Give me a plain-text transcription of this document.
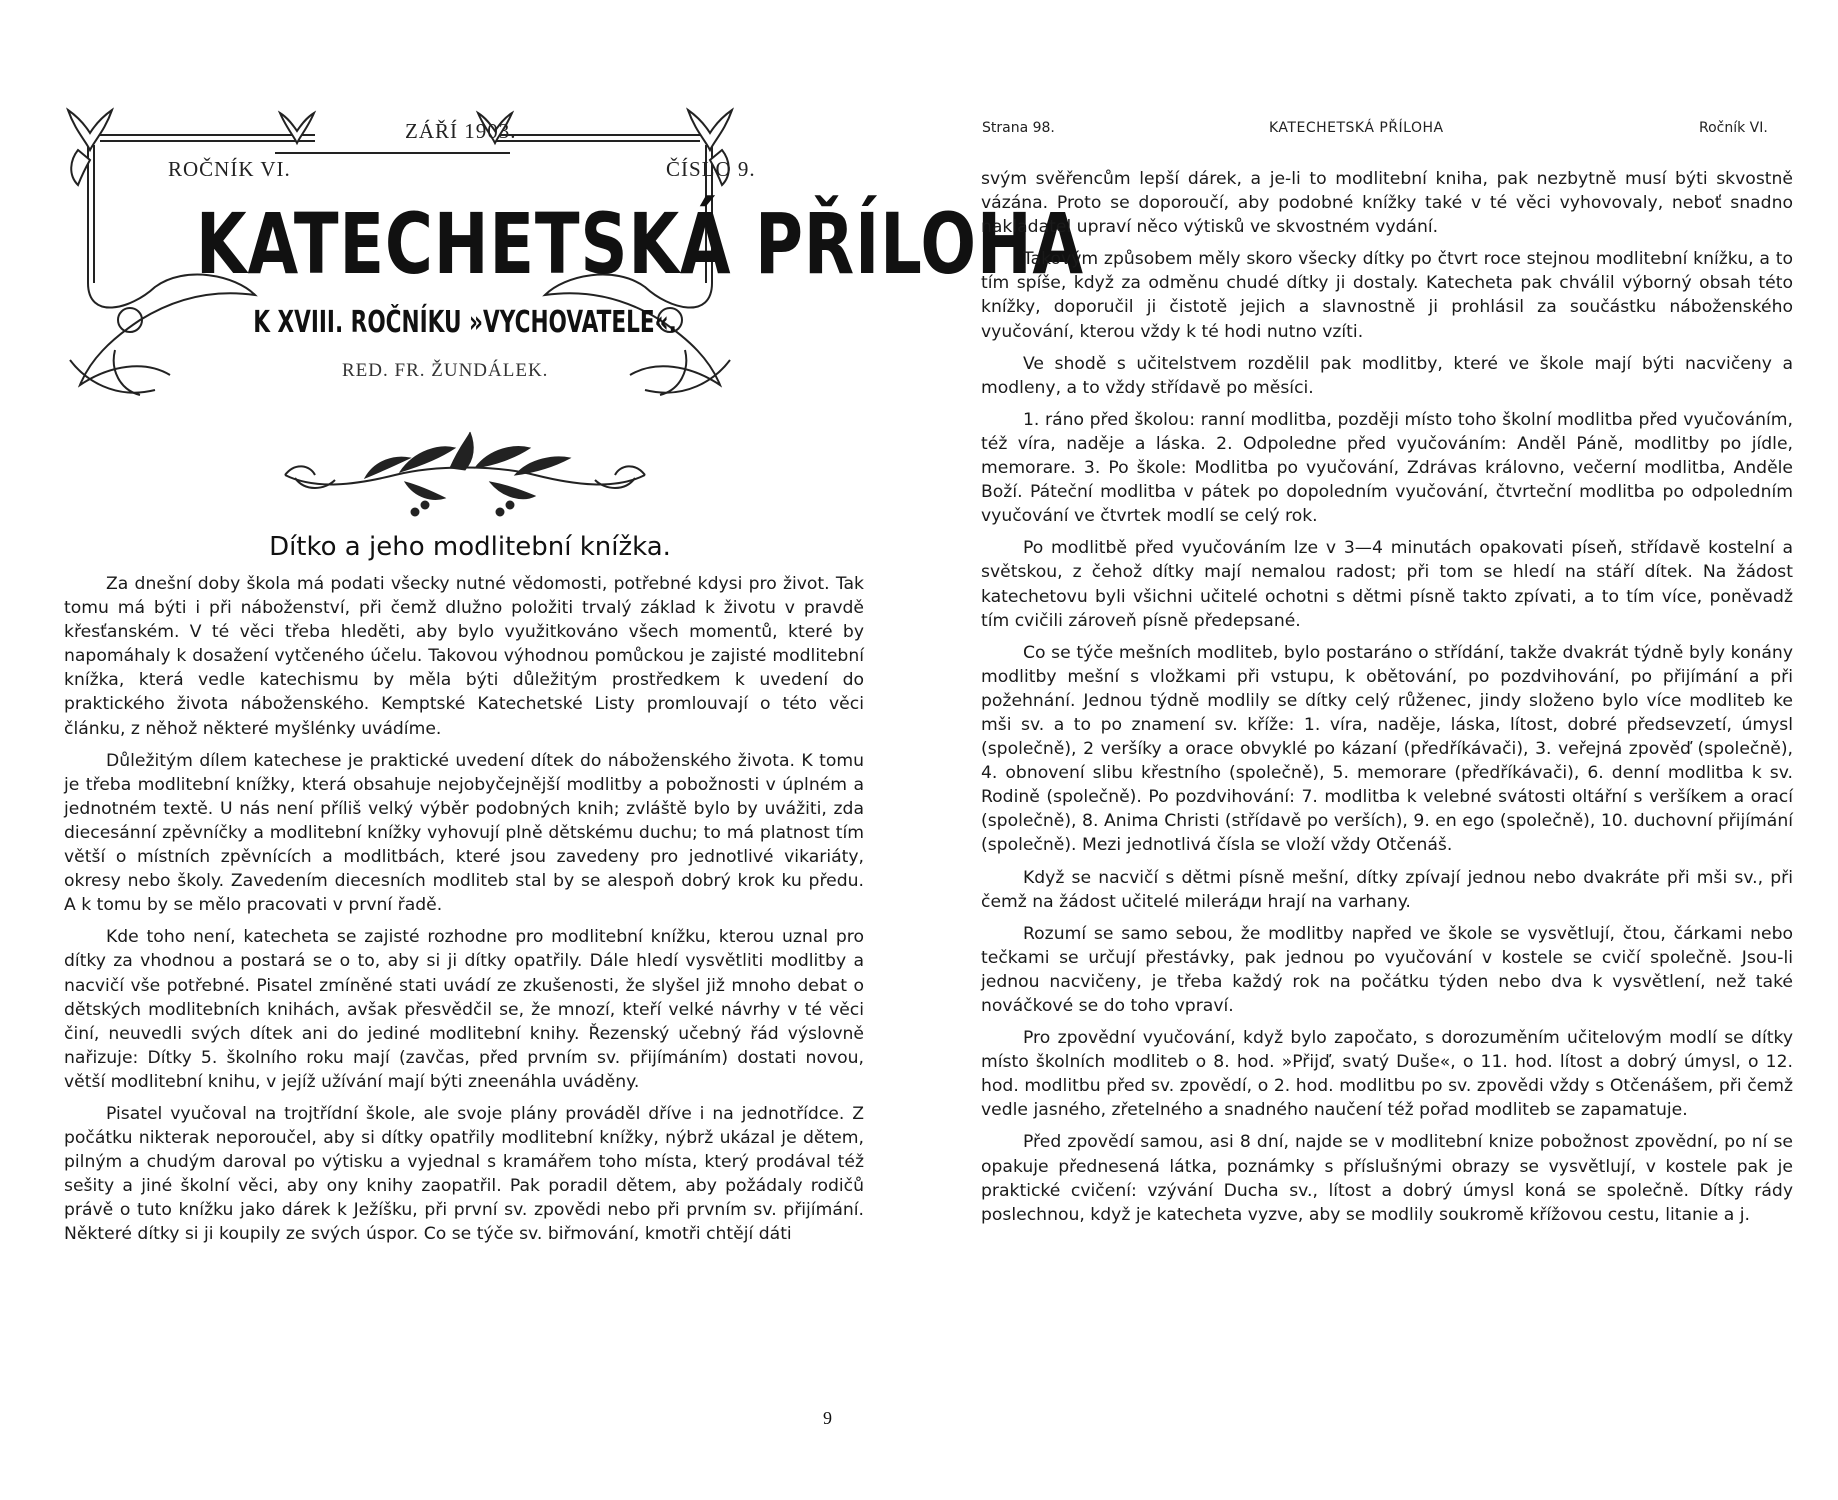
ZÁŘÍ 1903.
ROČNÍK VI.	ČÍSLO 9.
KATECHETSKÁ PŘÍLOHA
K XVIII. ROČNÍKU »VYCHOVATELE«.
RED. FR. ŽUNDÁLEK.
Dítko a jeho modlitební knížka.

Za dnešní doby škola má podati všecky nutné vědomosti, potřebné kdysi pro život. Tak tomu má býti i při náboženství, při čemž dlužno položiti trvalý základ k životu v pravdě křesťanském. V té věci třeba hleděti, aby bylo využitkováno všech momentů, které by napomáhaly k dosažení vytčeného účelu. Takovou výhodnou pomůckou je zajisté modlitební knížka, která vedle katechismu by měla býti důležitým prostředkem k uvedení do praktického života náboženského. Kemptské Katechetské Listy promlouvají o této věci článku, z něhož některé myšlénky uvádíme.

Důležitým dílem katechese je praktické uvedení dítek do náboženského života. K tomu je třeba modlitební knížky, která obsahuje nejobyčejnější modlitby a pobožnosti v úplném a jednotném textě. U nás není příliš velký výběr podobných knih; zvláště bylo by uvážiti, zda diecesánní zpěvníčky a modlitební knížky vyhovují plně dětskému duchu; to má platnost tím větší o místních zpěvnících a modlitbách, které jsou zavedeny pro jednotlivé vikariáty, okresy nebo školy. Zavedením diecesních modliteb stal by se alespoň dobrý krok ku předu. A k tomu by se mělo pracovati v první řadě.

Kde toho není, katecheta se zajisté rozhodne pro modlitební knížku, kterou uznal pro dítky za vhodnou a postará se o to, aby si ji dítky opatřily. Dále hledí vysvětliti modlitby a nacvičí vše potřebné. Pisatel zmíněné stati uvádí ze zkušenosti, že slyšel již mnoho debat o dětských modlitebních knihách, avšak přesvědčil se, že mnozí, kteří velké návrhy v té věci činí, neuvedli svých dítek ani do jediné modlitební knihy. Řezenský učebný řád výslovně nařizuje: Dítky 5. školního roku mají (zavčas, před prvním sv. přijímáním) dostati novou, větší modlitební knihu, v jejíž užívání mají býti zneenáhla uváděny.

Pisatel vyučoval na trojtřídní škole, ale svoje plány prováděl dříve i na jednotřídce. Z počátku nikterak neporoučel, aby si dítky opatřily modlitební knížky, nýbrž ukázal je dětem, pilným a chudým daroval po výtisku a vyjednal s kramářem toho místa, který prodával též sešity a jiné školní věci, aby ony knihy zaopatřil. Pak poradil dětem, aby požádaly rodičů právě o tuto knížku jako dárek k Ježíšku, při první sv. zpovědi nebo při prvním sv. přijímání. Některé dítky si ji koupily ze svých úspor. Co se týče sv. biřmování, kmotři chtějí dáti

9
Strana 98.	KATECHETSKÁ PŘÍLOHA	Ročník VI.

svým svěřencům lepší dárek, a je-li to modlitební kniha, pak nezbytně musí býti skvostně vázána. Proto se doporoučí, aby podobné knížky také v té věci vyhovovaly, neboť snadno nakladatel upraví něco výtisků ve skvostném vydání.

Takovým způsobem měly skoro všecky dítky po čtvrt roce stejnou modlitební knížku, a to tím spíše, když za odměnu chudé dítky ji dostaly. Katecheta pak chválil výborný obsah této knížky, doporučil ji čistotě jejich a slavnostně ji prohlásil za součástku náboženského vyučování, kterou vždy k té hodi nutno vzíti.

Ve shodě s učitelstvem rozdělil pak modlitby, které ve škole mají býti nacvičeny a modleny, a to vždy střídavě po měsíci.

1. ráno před školou: ranní modlitba, později místo toho školní modlitba před vyučováním, též víra, naděje a láska. 2. Odpoledne před vyučováním: Anděl Páně, modlitby po jídle, memorare. 3. Po škole: Modlitba po vyučování, Zdrávas královno, večerní modlitba, Anděle Boží. Páteční modlitba v pátek po dopoledním vyučování, čtvrteční modlitba po odpoledním vyučování ve čtvrtek modlí se celý rok.

Po modlitbě před vyučováním lze v 3—4 minutách opakovati píseň, střídavě kostelní a světskou, z čehož dítky mají nemalou radost; při tom se hledí na stáří dítek. Na žádost katechetovu byli všichni učitelé ochotni s dětmi písně takto zpívati, a to tím více, poněvadž tím cvičili zároveň písně předepsané.

Co se týče mešních modliteb, bylo postaráno o střídání, takže dvakrát týdně byly konány modlitby mešní s vložkami při vstupu, k obětování, po pozdvihování, po přijímání a při požehnání. Jednou týdně modlily se dítky celý růženec, jindy složeno bylo více modliteb ke mši sv. a to po znamení sv. kříže: 1. víra, naděje, láska, lítost, dobré předsevzetí, úmysl (společně), 2 veršíky a orace obvyklé po kázaní (předříkávači), 3. veřejná zpověď (společně), 4. obnovení slibu křestního (společně), 5. memorare (předříkávači), 6. denní modlitba k sv. Rodině (společně). Po pozdvihování: 7. modlitba k velebné svátosti oltářní s veršíkem a orací (společně), 8. Anima Christi (střídavě po verších), 9. en ego (společně), 10. duchovní přijímání (společně). Mezi jednotlivá čísla se vloží vždy Otčenáš.

Když se nacvičí s dětmi písně mešní, dítky zpívají jednou nebo dvakráte při mši sv., při čemž na žádost učitelé mileráди hrají na varhany.

Rozumí se samo sebou, že modlitby napřed ve škole se vysvětlují, čtou, čárkami nebo tečkami se určují přestávky, pak jednou po vyučování v kostele se cvičí společně. Jsou-li jednou nacvičeny, je třeba každý rok na počátku týden nebo dva k vysvětlení, než také nováčkové se do toho vpraví.

Pro zpovědní vyučování, když bylo započato, s dorozuměním učitelovým modlí se dítky místo školních modliteb o 8. hod. »Přijď, svatý Duše«, o 11. hod. lítost a dobrý úmysl, o 12. hod. modlitbu před sv. zpovědí, o 2. hod. modlitbu po sv. zpovědi vždy s Otčenášem, při čemž vedle jasného, zřetelného a snadného naučení též pořad modliteb se zapamatuje.

Před zpovědí samou, asi 8 dní, najde se v modlitební knize pobožnost zpovědní, po ní se opakuje přednesená látka, poznámky s příslušnými obrazy se vysvětlují, v kostele pak je praktické cvičení: vzývání Ducha sv., lítost a dobrý úmysl koná se společně. Dítky rády poslechnou, když je katecheta vyzve, aby se modlily soukromě křížovou cestu, litanie a j.
